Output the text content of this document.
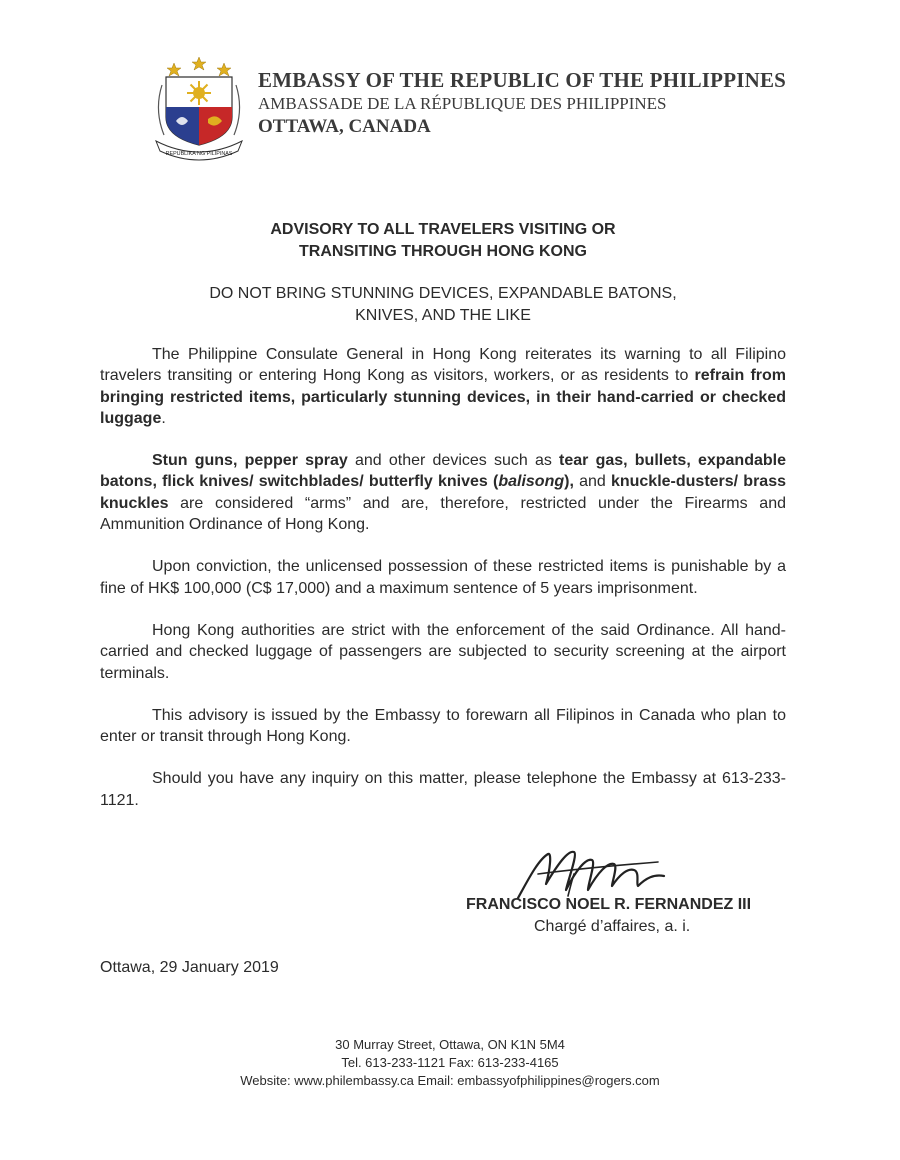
REPUBLIKA NG PILIPINAS
EMBASSY OF THE REPUBLIC OF THE PHILIPPINES
AMBASSADE DE LA RÉPUBLIQUE DES PHILIPPINES
OTTAWA, CANADA
ADVISORY TO ALL TRAVELERS VISITING OR
TRANSITING THROUGH HONG KONG
DO NOT BRING STUNNING DEVICES, EXPANDABLE BATONS,
KNIVES, AND THE LIKE

The Philippine Consulate General in Hong Kong reiterates its warning to all Filipino travelers transiting or entering Hong Kong as visitors, workers, or as residents to refrain from bringing restricted items, particularly stunning devices, in their hand-carried or checked luggage.

Stun guns, pepper spray and other devices such as tear gas, bullets, expandable batons, flick knives/ switchblades/ butterfly knives (balisong), and knuckle-dusters/ brass knuckles are considered “arms” and are, therefore, restricted under the Firearms and Ammunition Ordinance of Hong Kong.

Upon conviction, the unlicensed possession of these restricted items is punishable by a fine of HK$ 100,000 (C$ 17,000) and a maximum sentence of 5 years imprisonment.

Hong Kong authorities are strict with the enforcement of the said Ordinance. All hand-carried and checked luggage of passengers are subjected to security screening at the airport terminals.

This advisory is issued by the Embassy to forewarn all Filipinos in Canada who plan to enter or transit through Hong Kong.

Should you have any inquiry on this matter, please telephone the Embassy at 613-233-1121.

FRANCISCO NOEL R. FERNANDEZ III
Chargé d’affaires, a. i.
Ottawa, 29 January 2019
30 Murray Street, Ottawa, ON K1N 5M4
Tel. 613-233-1121 Fax: 613-233-4165
Website: www.philembassy.ca Email: embassyofphilippines@rogers.com
